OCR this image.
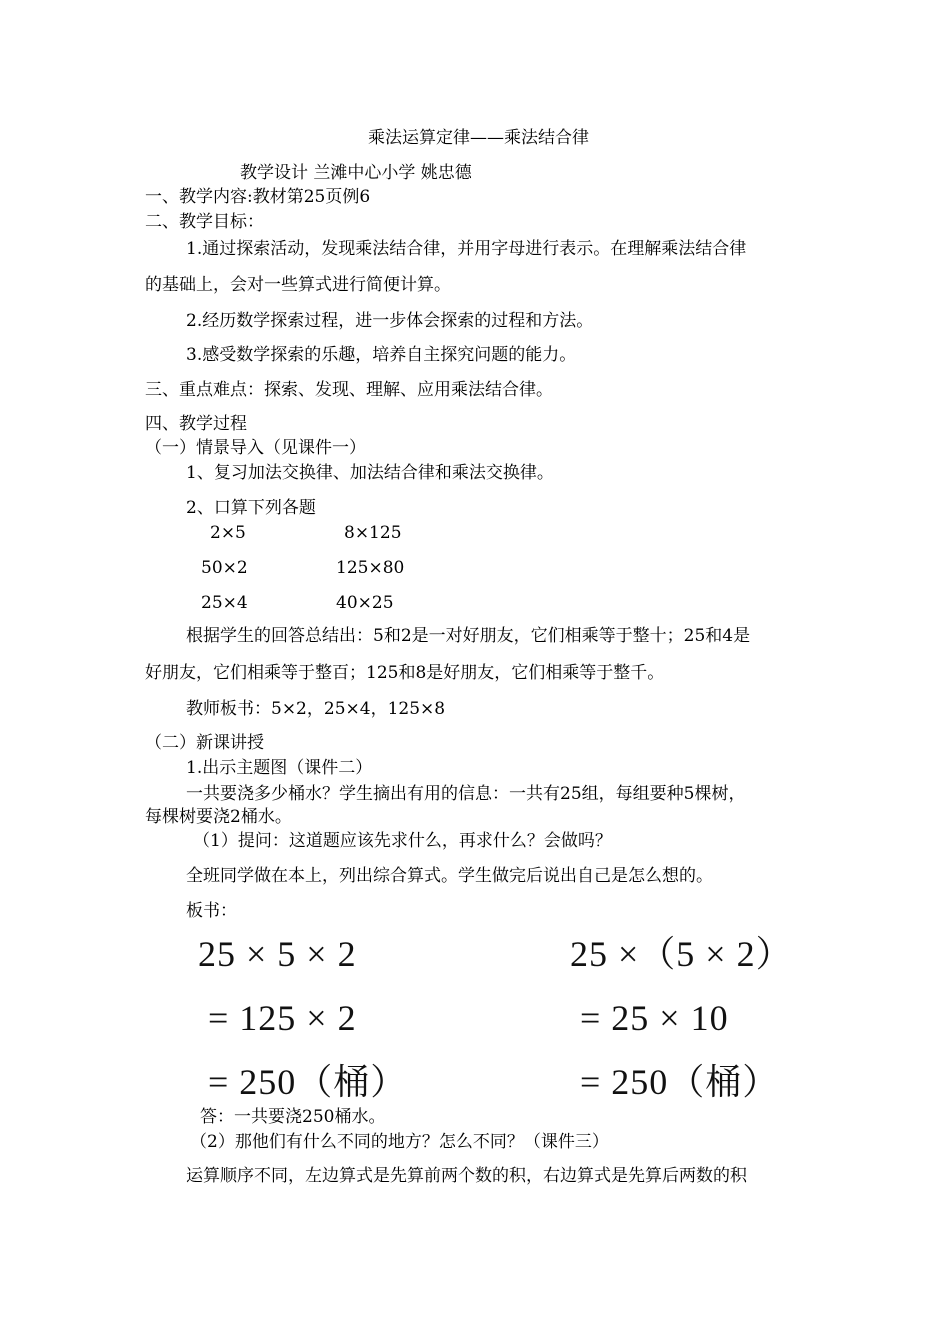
乘法运算定律——乘法结合律
教学设计 兰滩中心小学 姚忠德
一、教学内容:教材第25页例6
二、教学目标：
1.通过探索活动，发现乘法结合律，并用字母进行表示。在理解乘法结合律
的基础上，会对一些算式进行简便计算。
2.经历数学探索过程，进一步体会探索的过程和方法。
3.感受数学探索的乐趣，培养自主探究问题的能力。
三、重点难点：探索、发现、理解、应用乘法结合律。
四、教学过程
（一）情景导入（见课件一）
1、复习加法交换律、加法结合律和乘法交换律。
2、口算下列各题
2×5	8×125
50×2	125×80
25×4	40×25
根据学生的回答总结出：5和2是一对好朋友，它们相乘等于整十；25和4是
好朋友，它们相乘等于整百；125和8是好朋友，它们相乘等于整千。
教师板书：5×2，25×4，125×8
（二）新课讲授
1.出示主题图（课件二）
一共要浇多少桶水？学生摘出有用的信息：一共有25组，每组要种5棵树，
每棵树要浇2桶水。
（1）提问：这道题应该先求什么，再求什么？会做吗？
全班同学做在本上，列出综合算式。学生做完后说出自己是怎么想的。
板书：
25 × 5 × 2
= 125 × 2
= 250（桶）
25 ×（5 × 2）
= 25 × 10
= 250（桶）
答：一共要浇250桶水。
（2）那他们有什么不同的地方？怎么不同？（课件三）
运算顺序不同，左边算式是先算前两个数的积，右边算式是先算后两数的积
